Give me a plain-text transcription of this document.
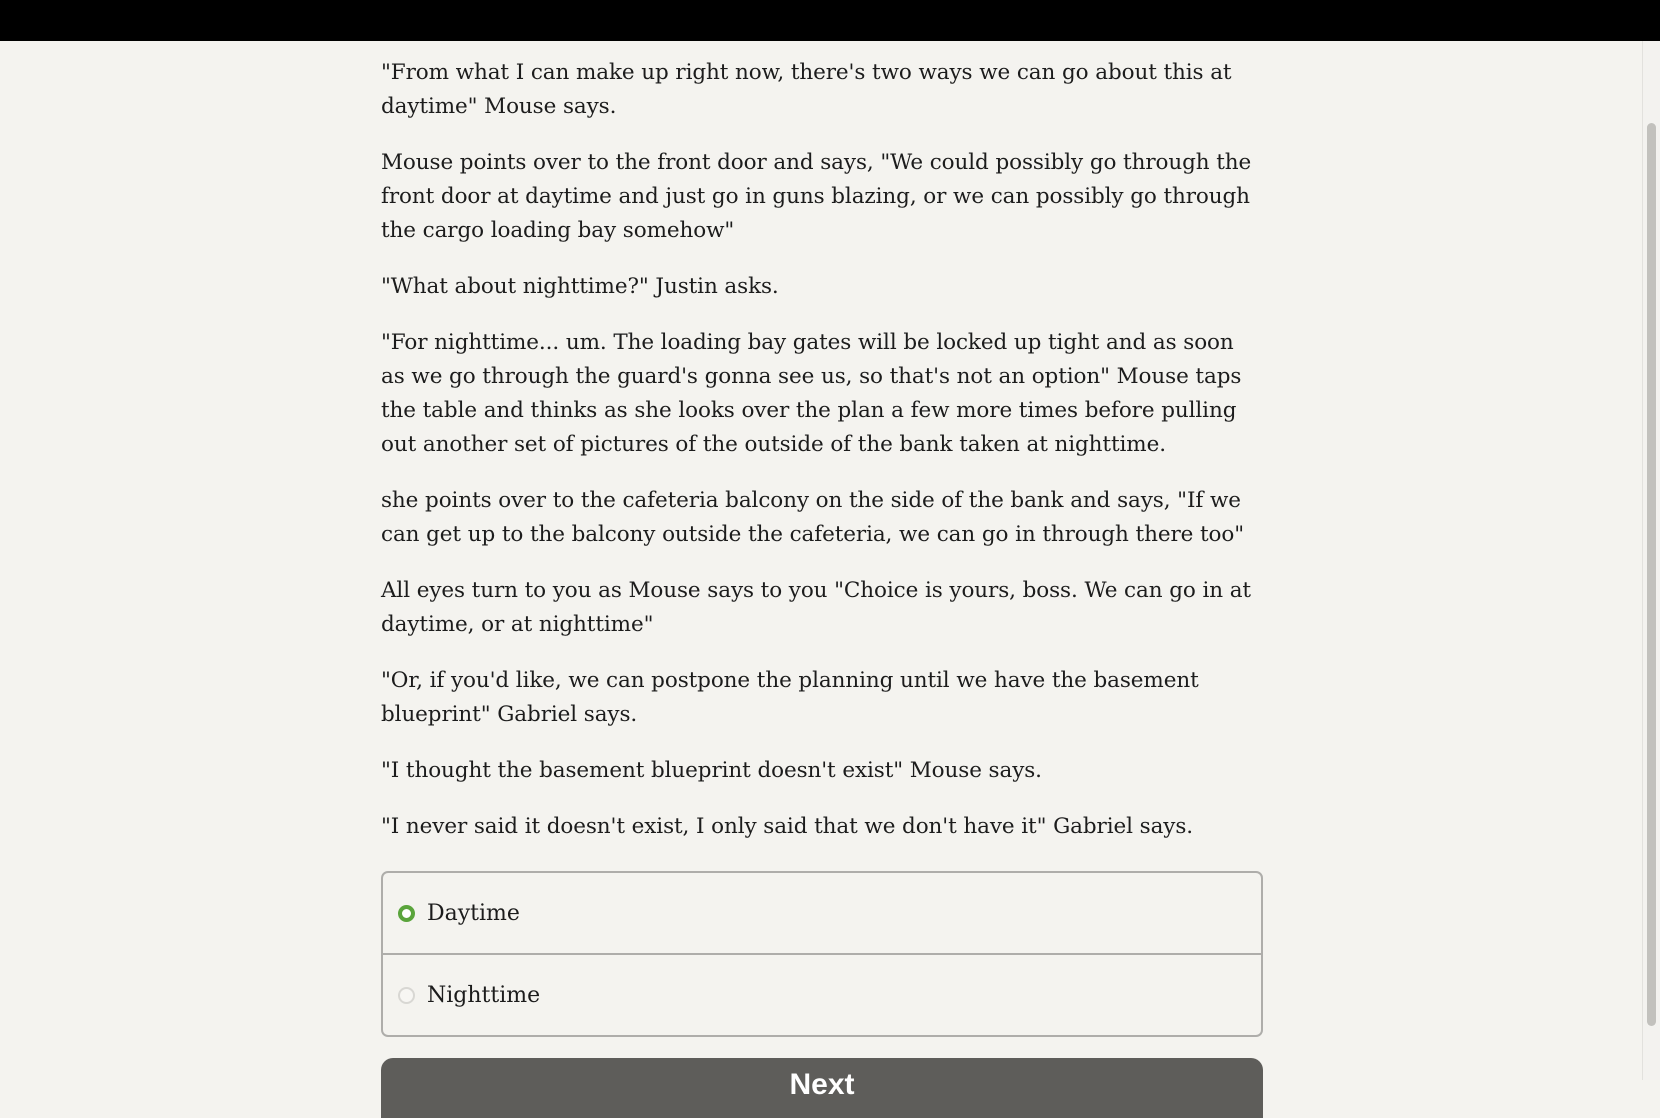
"From what I can make up right now, there's two ways we can go about this at daytime" Mouse says.

Mouse points over to the front door and says, "We could possibly go through the front door at daytime and just go in guns blazing, or we can possibly go through the cargo loading bay somehow"

"What about nighttime?" Justin asks.

"For nighttime... um. The loading bay gates will be locked up tight and as soon as we go through the guard's gonna see us, so that's not an option" Mouse taps the table and thinks as she looks over the plan a few more times before pulling out another set of pictures of the outside of the bank taken at nighttime.

she points over to the cafeteria balcony on the side of the bank and says, "If we can get up to the balcony outside the cafeteria, we can go in through there too"

All eyes turn to you as Mouse says to you "Choice is yours, boss. We can go in at daytime, or at nighttime"

"Or, if you'd like, we can postpone the planning until we have the basement blueprint" Gabriel says.

"I thought the basement blueprint doesn't exist" Mouse says.

"I never said it doesn't exist, I only said that we don't have it" Gabriel says.

Daytime
Nighttime
Next
